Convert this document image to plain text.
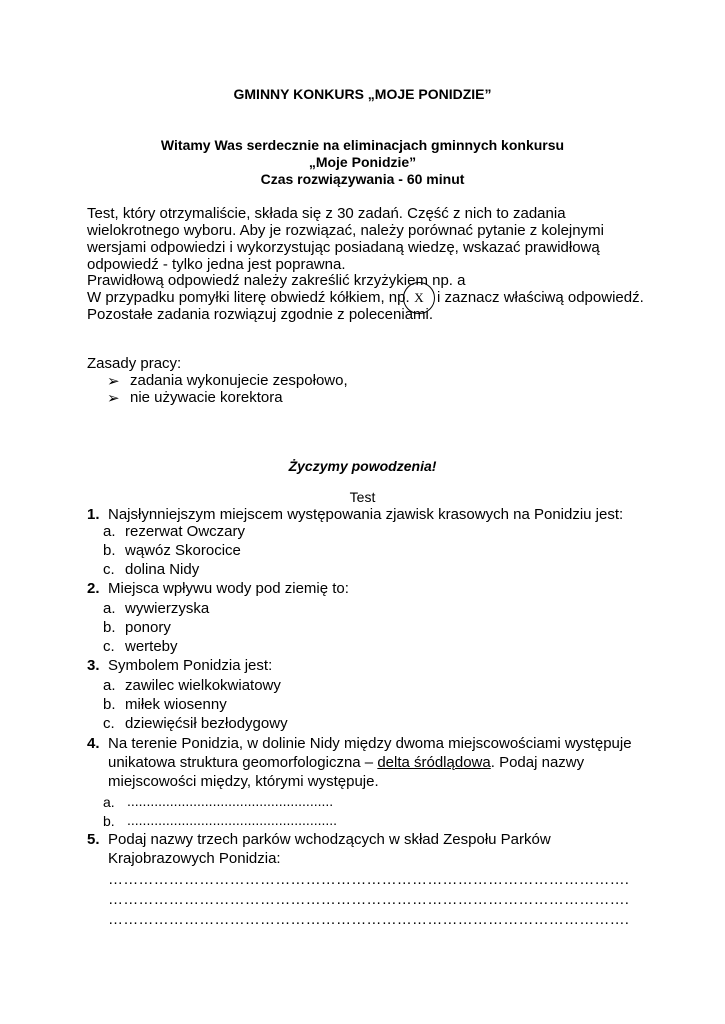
GMINNY KONKURS „MOJE PONIDZIE”
Witamy Was serdecznie na eliminacjach gminnych konkursu
„Moje Ponidzie”
Czas rozwiązywania - 60 minut
Test, który otrzymaliście, składa się z 30 zadań. Część z nich to zadania
wielokrotnego wyboru. Aby je rozwiązać, należy porównać pytanie z kolejnymi
wersjami odpowiedzi i wykorzystując posiadaną wiedzę, wskazać prawidłową
odpowiedź - tylko jedna jest poprawna.
Prawidłową odpowiedź należy zakreślić krzyżykiem np. a
W przypadku pomyłki literę obwiedź kółkiem, np. X i zaznacz właściwą odpowiedź.
Pozostałe zadania rozwiązuj zgodnie z poleceniami.
Zasady pracy:
➢ zadania wykonujecie zespołowo,
➢ nie używacie korektora
Życzymy powodzenia!
Test
1. Najsłynniejszym miejscem występowania zjawisk krasowych na Ponidziu jest:
a. rezerwat Owczary
b. wąwóz Skorocice
c. dolina Nidy
2. Miejsca wpływu wody pod ziemię to:
a. wywierzyska
b. ponory
c. werteby
3. Symbolem Ponidzia jest:
a. zawilec wielkokwiatowy
b. miłek wiosenny
c. dziewięćsił bezłodygowy
4. Na terenie Ponidzia, w dolinie Nidy między dwoma miejscowościami występuje
unikatowa struktura geomorfologiczna – delta śródlądowa. Podaj nazwy
miejscowości między, którymi występuje.
a. .....................................................
b. ......................................................
5. Podaj nazwy trzech parków wchodzących w skład Zespołu Parków
Krajobrazowych Ponidzia:
………………………………………………………………………………………….
………………………………………………………………………………………….
………………………………………………………………………………………….
